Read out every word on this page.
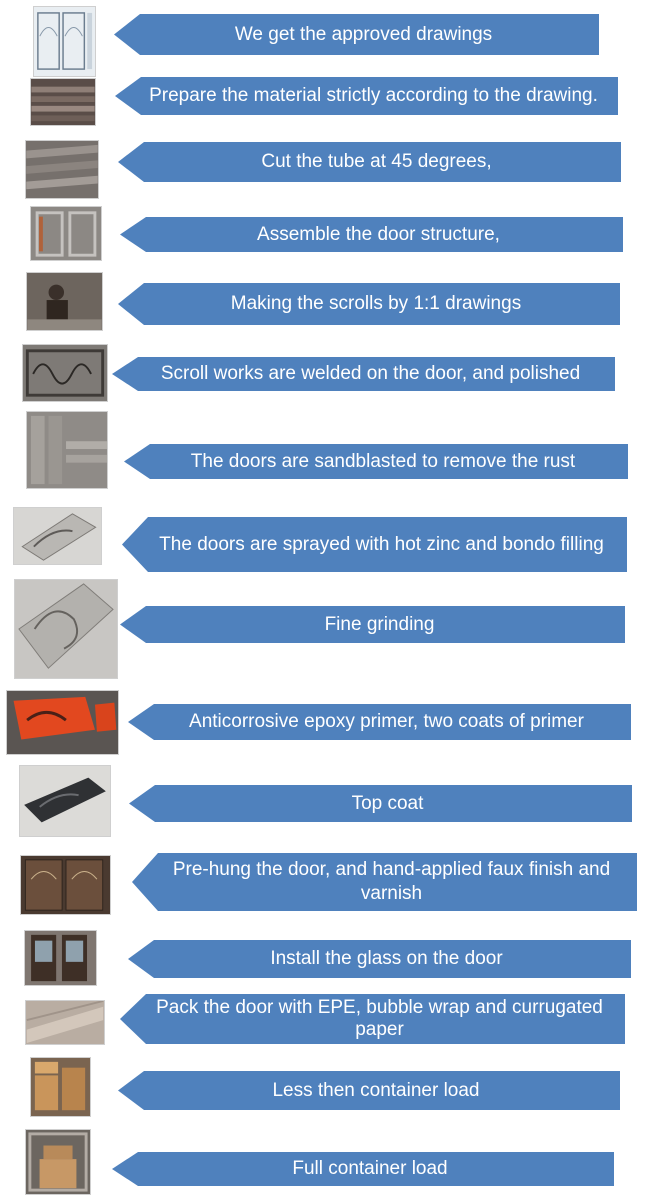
We get the approved drawings
Prepare the material strictly according to the drawing.
Cut the tube at 45 degrees,
Assemble the door structure,
Making the scrolls by 1:1 drawings
Scroll works are welded on the door, and polished
The doors are sandblasted to remove the rust
The doors are sprayed with hot zinc and bondo filling
Fine grinding
Anticorrosive epoxy primer, two coats of primer
Top coat
Pre-hung the door, and hand-applied faux finish and varnish
Install the glass on the door
Pack the door with EPE, bubble wrap and currugated paper
Less then container load
Full container load
